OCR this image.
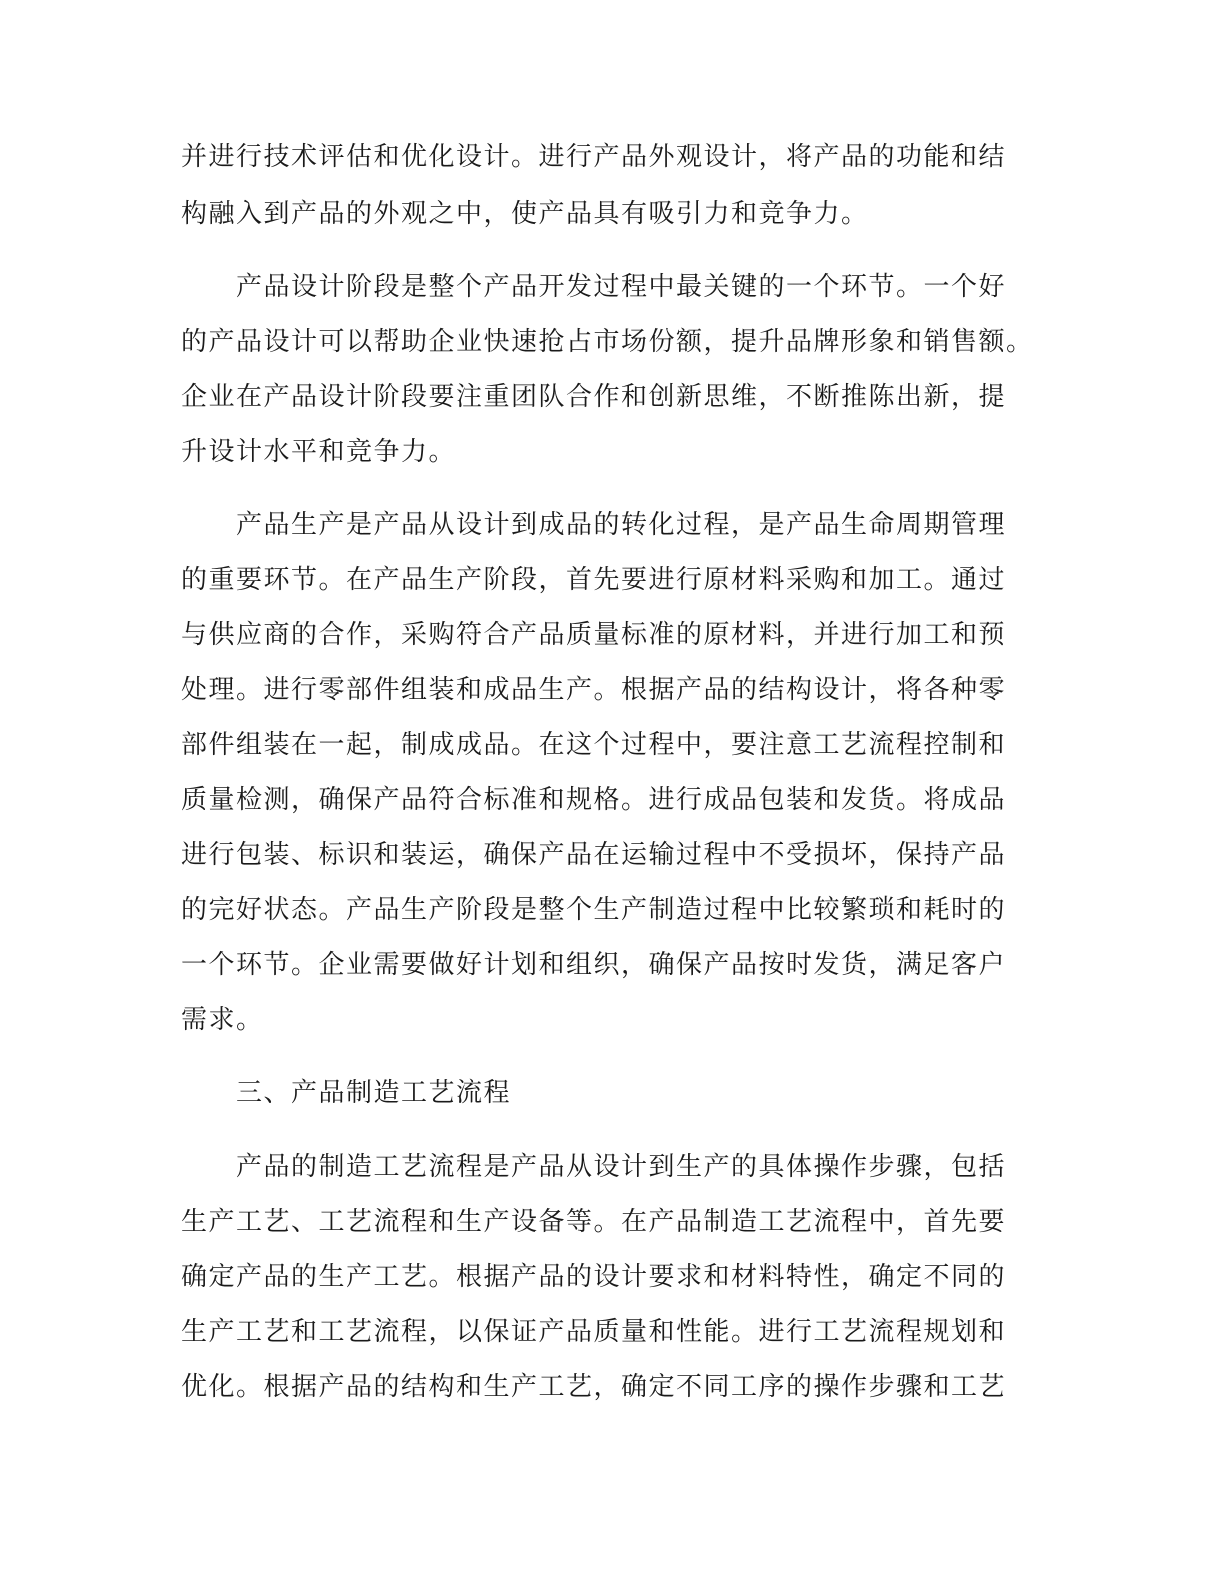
并进行技术评估和优化设计。进行产品外观设计，将产品的功能和结
构融入到产品的外观之中，使产品具有吸引力和竞争力。
产品设计阶段是整个产品开发过程中最关键的一个环节。一个好
的产品设计可以帮助企业快速抢占市场份额，提升品牌形象和销售额。
企业在产品设计阶段要注重团队合作和创新思维，不断推陈出新，提
升设计水平和竞争力。
产品生产是产品从设计到成品的转化过程，是产品生命周期管理
的重要环节。在产品生产阶段，首先要进行原材料采购和加工。通过
与供应商的合作，采购符合产品质量标准的原材料，并进行加工和预
处理。进行零部件组装和成品生产。根据产品的结构设计，将各种零
部件组装在一起，制成成品。在这个过程中，要注意工艺流程控制和
质量检测，确保产品符合标准和规格。进行成品包装和发货。将成品
进行包装、标识和装运，确保产品在运输过程中不受损坏，保持产品
的完好状态。产品生产阶段是整个生产制造过程中比较繁琐和耗时的
一个环节。企业需要做好计划和组织，确保产品按时发货，满足客户
需求。
三、产品制造工艺流程
产品的制造工艺流程是产品从设计到生产的具体操作步骤，包括
生产工艺、工艺流程和生产设备等。在产品制造工艺流程中，首先要
确定产品的生产工艺。根据产品的设计要求和材料特性，确定不同的
生产工艺和工艺流程，以保证产品质量和性能。进行工艺流程规划和
优化。根据产品的结构和生产工艺，确定不同工序的操作步骤和工艺
